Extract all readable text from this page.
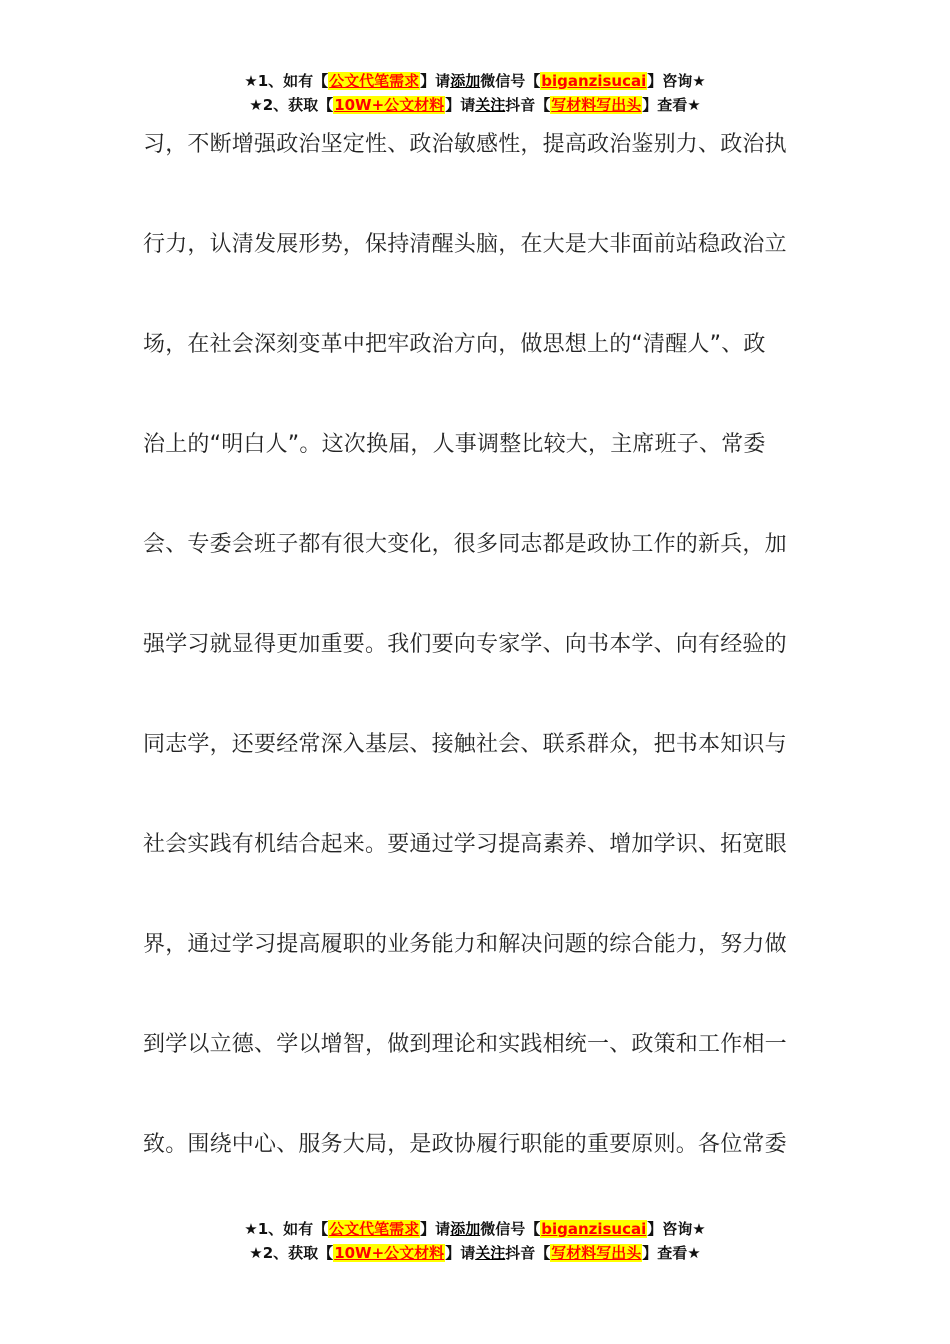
★1、如有【公文代笔需求】请添加微信号【biganzisucai】咨询★
★2、获取【10W+公文材料】请关注抖音【写材料写出头】查看★
习，不断增强政治坚定性、政治敏感性，提高政治鉴别力、政治执
行力，认清发展形势，保持清醒头脑，在大是大非面前站稳政治立
场，在社会深刻变革中把牢政治方向，做思想上的“清醒人”、政
治上的“明白人”。这次换届，人事调整比较大，主席班子、常委
会、专委会班子都有很大变化，很多同志都是政协工作的新兵，加
强学习就显得更加重要。我们要向专家学、向书本学、向有经验的
同志学，还要经常深入基层、接触社会、联系群众，把书本知识与
社会实践有机结合起来。要通过学习提高素养、增加学识、拓宽眼
界，通过学习提高履职的业务能力和解决问题的综合能力，努力做
到学以立德、学以增智，做到理论和实践相统一、政策和工作相一
致。围绕中心、服务大局，是政协履行职能的重要原则。各位常委
★1、如有【公文代笔需求】请添加微信号【biganzisucai】咨询★
★2、获取【10W+公文材料】请关注抖音【写材料写出头】查看★
